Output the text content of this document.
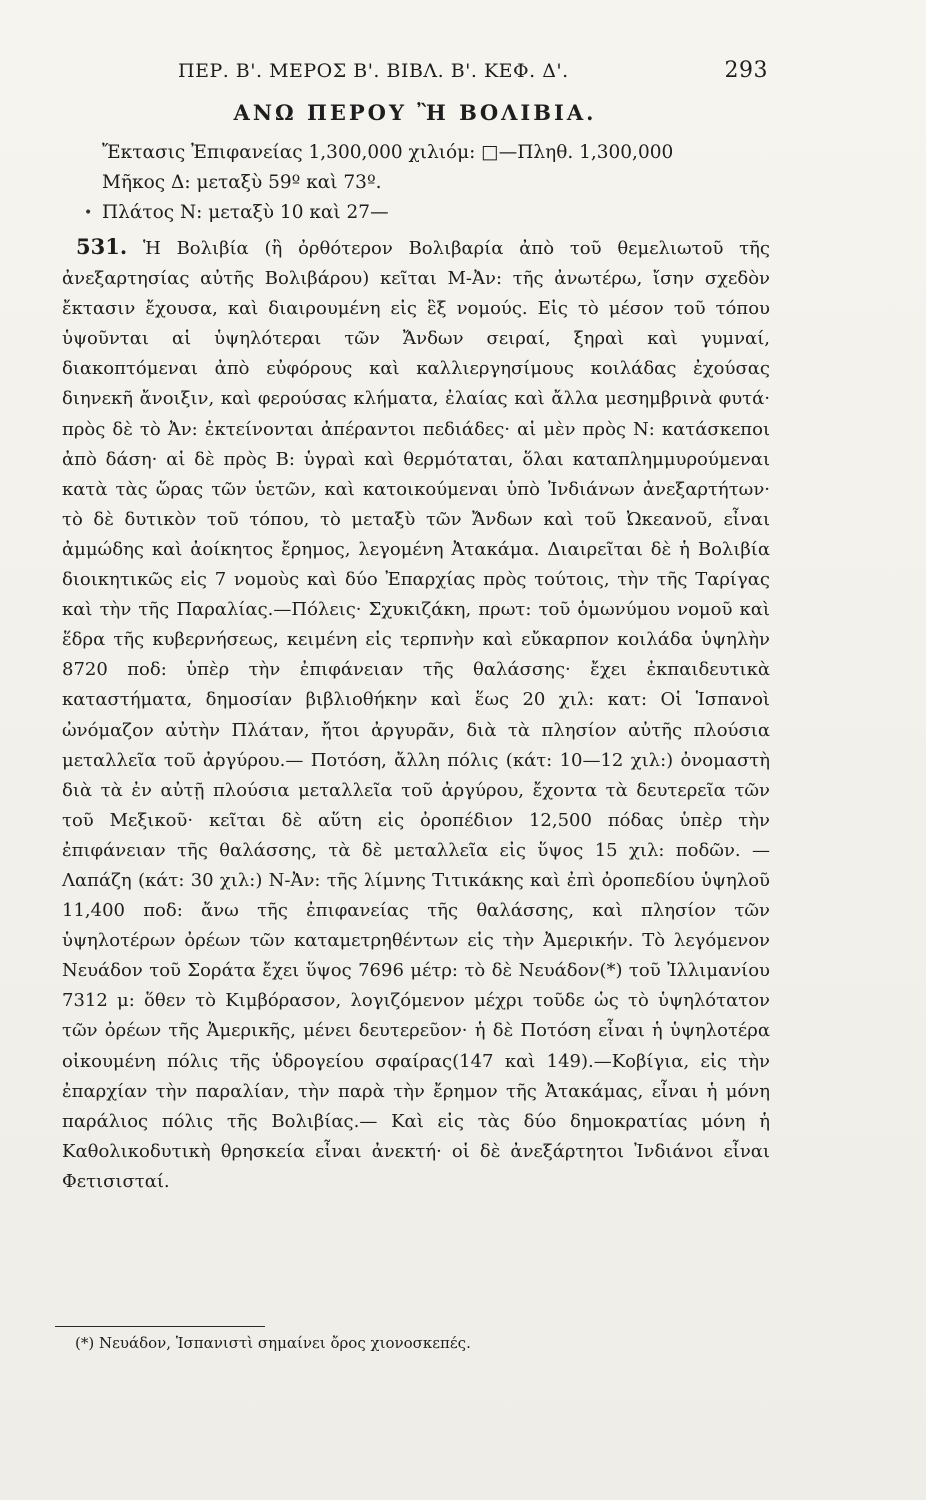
ΠΕΡ. Β'. ΜΕΡΟΣ Β'. ΒΙΒΛ. Β'. ΚΕΦ. Δ'.	293
ΑΝΩ ΠΕΡΟΥ Ἢ ΒΟΛΙΒΙΑ.
Ἔκτασις Ἐπιφανείας 1,300,000 χιλιόμ: □—Πληθ. 1,300,000
Μῆκος Δ: μεταξὺ 59º καὶ 73º.
Πλάτος Ν: μεταξὺ 10 καὶ 27—
•
531. Ἡ Βολιβία (ἢ ὀρθότερον Βολιβαρία ἀπὸ τοῦ θεμελιωτοῦ τῆς ἀνεξαρτησίας αὐτῆς Βολιβάρου) κεῖται Μ-Ἀν: τῆς ἀνωτέρω, ἴσην σχεδὸν ἔκτασιν ἔχουσα, καὶ διαιρουμένη εἰς ἓξ νομούς. Εἰς τὸ μέσον τοῦ τόπου ὑψοῦνται αἱ ὑψηλότεραι τῶν Ἄνδων σειραί, ξηραὶ καὶ γυμναί, διακοπτόμεναι ἀπὸ εὐφόρους καὶ καλλιεργησίμους κοιλάδας ἐχούσας διηνεκῆ ἄνοιξιν, καὶ φερούσας κλήματα, ἐλαίας καὶ ἄλλα μεσημβρινὰ φυτά· πρὸς δὲ τὸ Ἀν: ἐκτείνονται ἀπέραντοι πεδιάδες· αἱ μὲν πρὸς Ν: κατάσκεποι ἀπὸ δάση· αἱ δὲ πρὸς Β: ὑγραὶ καὶ θερμόταται, ὅλαι καταπλημμυρούμεναι κατὰ τὰς ὥρας τῶν ὑετῶν, καὶ κατοικούμεναι ὑπὸ Ἰνδιάνων ἀνεξαρτήτων· τὸ δὲ δυτικὸν τοῦ τόπου, τὸ μεταξὺ τῶν Ἄνδων καὶ τοῦ Ὠκεανοῦ, εἶναι ἀμμώδης καὶ ἀοίκητος ἔρημος, λεγομένη Ἀτακάμα. Διαιρεῖται δὲ ἡ Βολιβία διοικητικῶς εἰς 7 νομοὺς καὶ δύο Ἐπαρχίας πρὸς τούτοις, τὴν τῆς Ταρίγας καὶ τὴν τῆς Παραλίας.—Πόλεις· Σχυκιζάκη, πρωτ: τοῦ ὁμωνύμου νομοῦ καὶ ἕδρα τῆς κυβερνήσεως, κειμένη εἰς τερπνὴν καὶ εὔκαρπον κοιλάδα ὑψηλὴν 8720 ποδ: ὑπὲρ τὴν ἐπιφάνειαν τῆς θαλάσσης· ἔχει ἐκπαιδευτικὰ καταστήματα, δημοσίαν βιβλιοθήκην καὶ ἕως 20 χιλ: κατ: Οἱ Ἱσπανοὶ ὠνόμαζον αὐτὴν Πλάταν, ἤτοι ἀργυρᾶν, διὰ τὰ πλησίον αὐτῆς πλούσια μεταλλεῖα τοῦ ἀργύρου.— Ποτόση, ἄλλη πόλις (κάτ: 10—12 χιλ:) ὀνομαστὴ διὰ τὰ ἐν αὐτῇ πλούσια μεταλλεῖα τοῦ ἀργύρου, ἔχοντα τὰ δευτερεῖα τῶν τοῦ Μεξικοῦ· κεῖται δὲ αὕτη εἰς ὀροπέδιον 12,500 πόδας ὑπὲρ τὴν ἐπιφάνειαν τῆς θαλάσσης, τὰ δὲ μεταλλεῖα εἰς ὕψος 15 χιλ: ποδῶν. — Λαπάζη (κάτ: 30 χιλ:) Ν-Ἀν: τῆς λίμνης Τιτικάκης καὶ ἐπὶ ὀροπεδίου ὑψηλοῦ 11,400 ποδ: ἄνω τῆς ἐπιφανείας τῆς θαλάσσης, καὶ πλησίον τῶν ὑψηλοτέρων ὀρέων τῶν καταμετρηθέντων εἰς τὴν Ἀμερικήν. Τὸ λεγόμενον Νευάδον τοῦ Σοράτα ἔχει ὕψος 7696 μέτρ: τὸ δὲ Νευάδον(*) τοῦ Ἰλλιμανίου 7312 μ: ὅθεν τὸ Κιμβόρασον, λογιζόμενον μέχρι τοῦδε ὡς τὸ ὑψηλότατον τῶν ὀρέων τῆς Ἀμερικῆς, μένει δευτερεῦον· ἡ δὲ Ποτόση εἶναι ἡ ὑψηλοτέρα οἰκουμένη πόλις τῆς ὑδρογείου σφαίρας(147 καὶ 149).—Κοβίγια, εἰς τὴν ἐπαρχίαν τὴν παραλίαν, τὴν παρὰ τὴν ἔρημον τῆς Ἀτακάμας, εἶναι ἡ μόνη παράλιος πόλις τῆς Βολιβίας.— Καὶ εἰς τὰς δύο δημοκρατίας μόνη ἡ Καθολικοδυτικὴ θρησκεία εἶναι ἀνεκτή· οἱ δὲ ἀνεξάρτητοι Ἰνδιάνοι εἶναι Φετισισταί.
(*) Νευάδον, Ἱσπανιστὶ σημαίνει ὄρος χιονοσκεπές.
